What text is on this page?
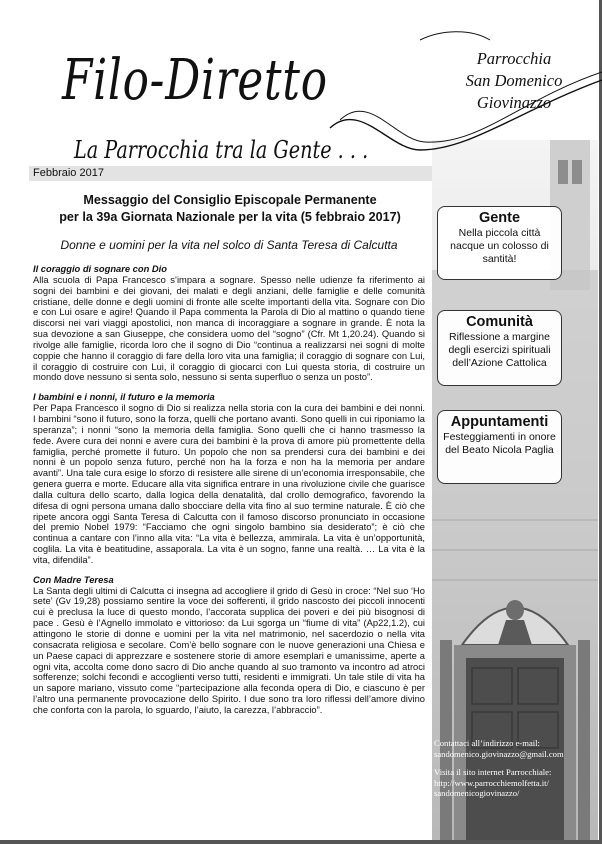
Filo-Diretto
La Parrocchia tra la Gente . . .
Parrocchia
San Domenico
Giovinazzo
Febbraio 2017
Messaggio del Consiglio Episcopale Permanente
per la 39a Giornata Nazionale per la vita (5 febbraio 2017)
Donne e uomini per la vita nel solco di Santa Teresa di Calcutta

Il coraggio di sognare con Dio

Alla scuola di Papa Francesco s’impara a sognare. Spesso nelle udienze fa riferimento ai sogni dei bambini e dei giovani, dei malati e degli anziani, delle famiglie e delle comunità cristiane, delle donne e degli uomini di fronte alle scelte importanti della vita. Sognare con Dio e con Lui osare e agire! Quando il Papa commenta la Parola di Dio al mattino o quando tiene discorsi nei vari viaggi apostolici, non manca di incoraggiare a sognare in grande. È nota la sua devozione a san Giuseppe, che considera uomo del “sogno” (Cfr. Mt 1,20.24). Quando si rivolge alle famiglie, ricorda loro che il sogno di Dio “continua a realizzarsi nei sogni di molte coppie che hanno il coraggio di fare della loro vita una famiglia; il coraggio di sognare con Lui, il coraggio di costruire con Lui, il coraggio di giocarci con Lui questa storia, di costruire un mondo dove nessuno si senta solo, nessuno si senta superfluo o senza un posto”.

I bambini e i nonni, il futuro e la memoria

Per Papa Francesco il sogno di Dio si realizza nella storia con la cura dei bambini e dei nonni. I bambini “sono il futuro, sono la forza, quelli che portano avanti. Sono quelli in cui riponiamo la speranza”; i nonni “sono la memoria della famiglia. Sono quelli che ci hanno trasmesso la fede. Avere cura dei nonni e avere cura dei bambini è la prova di amore più promettente della famiglia, perché promette il futuro. Un popolo che non sa prendersi cura dei bambini e dei nonni è un popolo senza futuro, perché non ha la forza e non ha la memoria per andare avanti”. Una tale cura esige lo sforzo di resistere alle sirene di un’economia irresponsabile, che genera guerra e morte. Educare alla vita significa entrare in una rivoluzione civile che guarisce dalla cultura dello scarto, dalla logica della denatalità, dal crollo demografico, favorendo la difesa di ogni persona umana dallo sbocciare della vita fino al suo termine naturale. È ciò che ripete ancora oggi Santa Teresa di Calcutta con il famoso discorso pronunciato in occasione del premio Nobel 1979: “Facciamo che ogni singolo bambino sia desiderato”; è ciò che continua a cantare con l’inno alla vita: “La vita è bellezza, ammirala. La vita è un’opportunità, coglila. La vita è beatitudine, assaporala. La vita è un sogno, fanne una realtà. … La vita è la vita, difendila”.

Con Madre Teresa

La Santa degli ultimi di Calcutta ci insegna ad accogliere il grido di Gesù in croce: “Nel suo ‘Ho sete’ (Gv 19,28) possiamo sentire la voce dei sofferenti, il grido nascosto dei piccoli innocenti cui è preclusa la luce di questo mondo, l’accorata supplica dei poveri e dei più bisognosi di pace . Gesù è l’Agnello immolato e vittorioso: da Lui sgorga un “fiume di vita” (Ap22,1.2), cui attingono le storie di donne e uomini per la vita nel matrimonio, nel sacerdozio o nella vita consacrata religiosa e secolare. Com’è bello sognare con le nuove generazioni una Chiesa e un Paese capaci di apprezzare e sostenere storie di amore esemplari e umanissime, aperte a ogni vita, accolta come dono sacro di Dio anche quando al suo tramonto va incontro ad atroci sofferenze; solchi fecondi e accoglienti verso tutti, residenti e immigrati. Un tale stile di vita ha un sapore mariano, vissuto come “partecipazione alla feconda opera di Dio, e ciascuno è per l’altro una permanente provocazione dello Spirito. I due sono tra loro riflessi dell’amore divino che conforta con la parola, lo sguardo, l’aiuto, la carezza, l’abbraccio”.

Gente
Nella piccola città nacque un colosso di santità!
Comunità
Riflessione a margine degli esercizi spirituali dell’Azione Cattolica
Appuntamenti
Festeggiamenti in onore del Beato Nicola Paglia
Contattaci all’indirizzo e-mail:
sandomenico.giovinazzo@gmail.com
Visita il sito internet Parrocchiale:
http://www.parrocchiemolfetta.it/
sandomenicogiovinazzo/
